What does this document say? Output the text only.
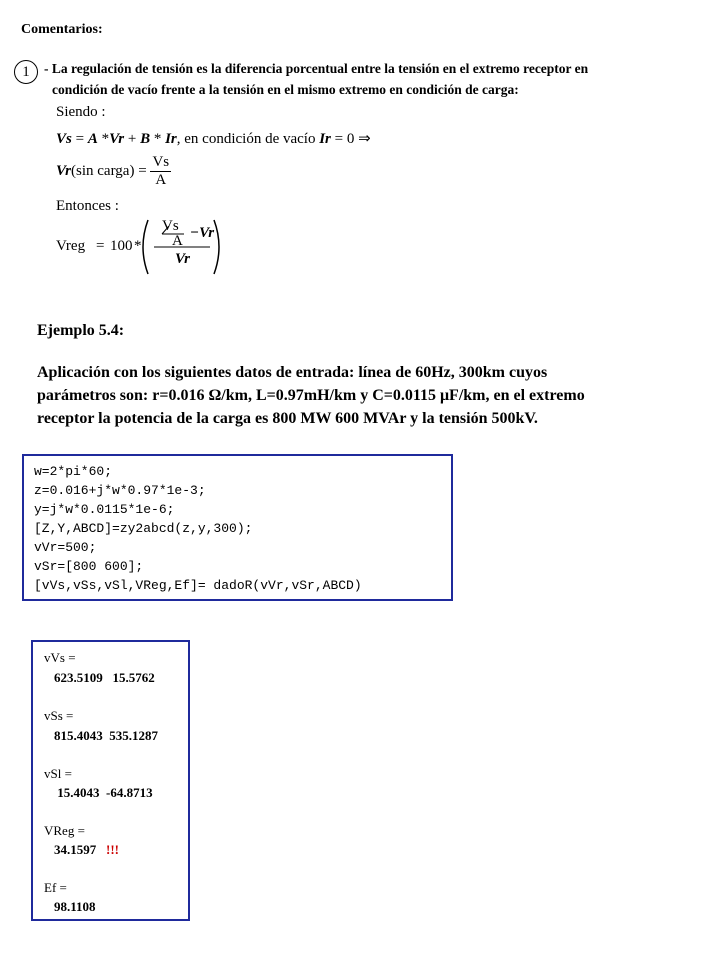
Comentarios:
1	- La regulación de tensión es la diferencia porcentual entre la tensión en el extremo receptor en
condición de vacío frente a la tensión en el mismo extremo en condición de carga:
Siendo :
Vs = A *Vr + B * Ir, en condición de vacío Ir = 0 ⇒
Vr(sin carga) = $\frac{Vs}{A}$
Entonces :
Vreg = 100 *
Vs
A −Vr
Vr
Ejemplo 5.4:
Aplicación con los siguientes datos de entrada: línea de 60Hz, 300km cuyos
parámetros son: r=0.016 Ω/km, L=0.97mH/km y C=0.0115 μF/km, en el extremo
receptor la potencia de la carga es 800 MW 600 MVAr y la tensión 500kV.
w=2*pi*60;
z=0.016+j*w*0.97*1e-3;
y=j*w*0.0115*1e-6;
[Z,Y,ABCD]=zy2abcd(z,y,300);
vVr=500;
vSr=[800 600];
[vVs,vSs,vSl,VReg,Ef]= dadoR(vVr,vSr,ABCD)
vVs =
623.5109   15.5762
vSs =
815.4043  535.1287
vSl =
15.4043  -64.8713
VReg =
34.1597 !!!
Ef =
98.1108
